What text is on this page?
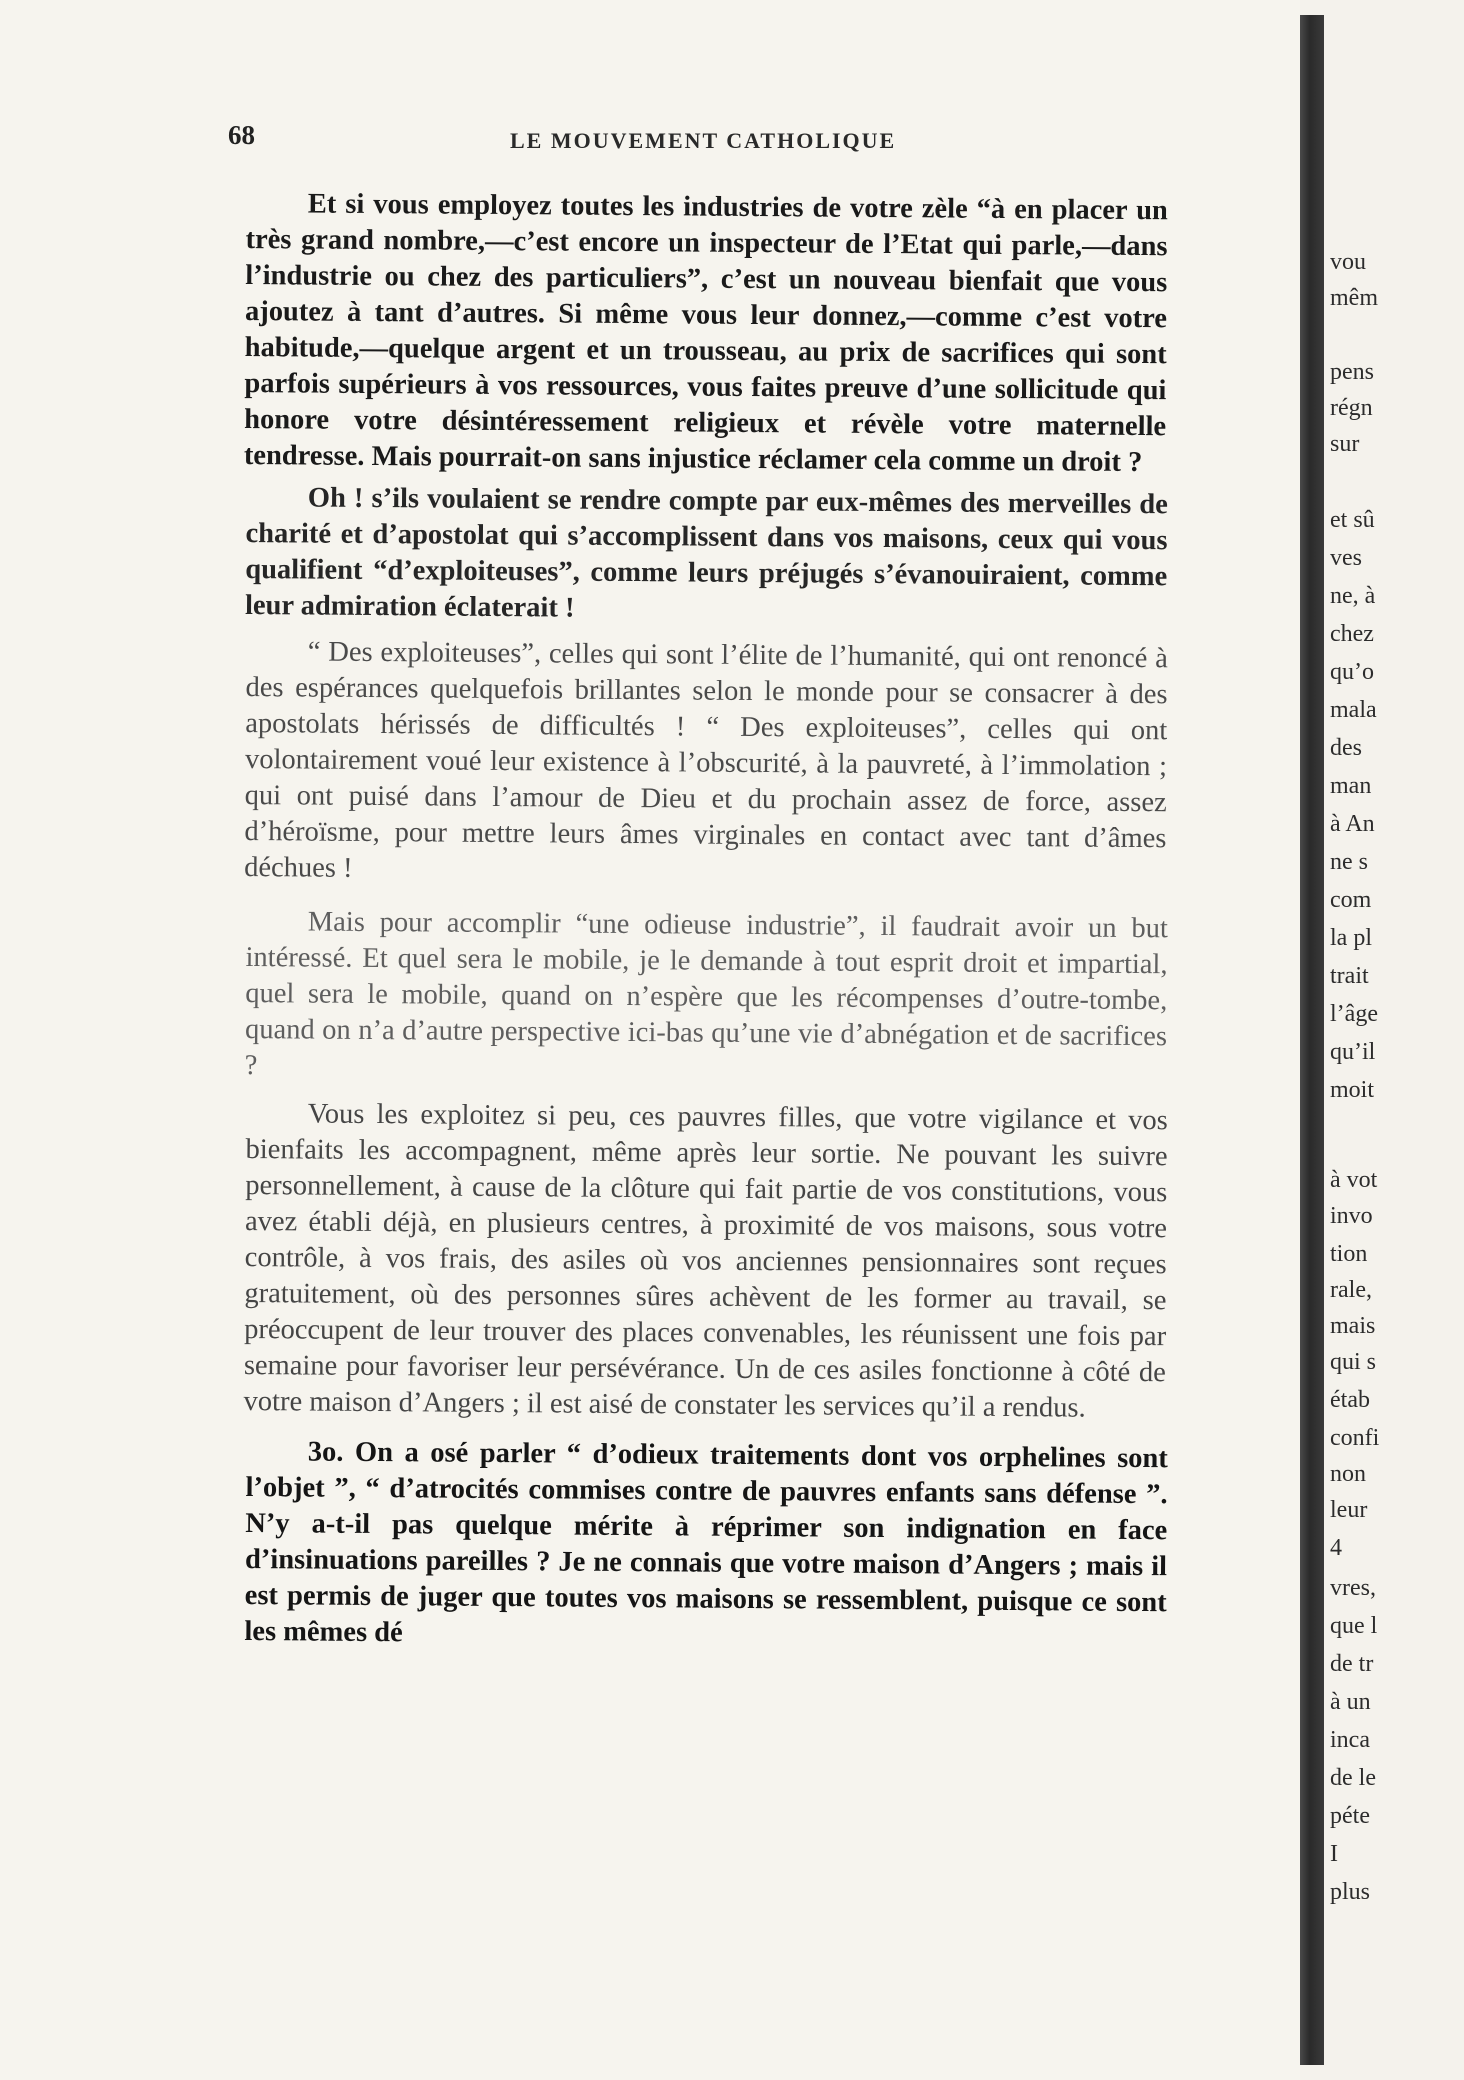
68	LE MOUVEMENT CATHOLIQUE

Et si vous employez toutes les industries de votre zèle “à en placer un très grand nombre,—c’est encore un inspecteur de l’Etat qui parle,—dans l’industrie ou chez des particuliers”, c’est un nouveau bienfait que vous ajoutez à tant d’autres. Si même vous leur donnez,—comme c’est votre habitude,—quelque argent et un trousseau, au prix de sacrifices qui sont parfois supérieurs à vos ressources, vous faites preuve d’une sollicitude qui honore votre désintéressement religieux et révèle votre maternelle tendresse. Mais pourrait-on sans injustice réclamer cela comme un droit ?

Oh ! s’ils voulaient se rendre compte par eux-mêmes des merveilles de charité et d’apostolat qui s’accomplissent dans vos maisons, ceux qui vous qualifient “d’exploiteuses”, comme leurs préjugés s’évanouiraient, comme leur admiration éclaterait !

“ Des exploiteuses”, celles qui sont l’élite de l’humanité, qui ont renoncé à des espérances quelquefois brillantes selon le monde pour se consacrer à des apostolats hérissés de difficultés ! “ Des exploiteuses”, celles qui ont volontairement voué leur existence à l’obscurité, à la pauvreté, à l’immolation ; qui ont puisé dans l’amour de Dieu et du prochain assez de force, assez d’héroïsme, pour mettre leurs âmes virginales en contact avec tant d’âmes déchues !

Mais pour accomplir “une odieuse industrie”, il faudrait avoir un but intéressé. Et quel sera le mobile, je le demande à tout esprit droit et impartial, quel sera le mobile, quand on n’espère que les récompenses d’outre-tombe, quand on n’a d’autre perspective ici-bas qu’une vie d’abnégation et de sacrifices ?

Vous les exploitez si peu, ces pauvres filles, que votre vigilance et vos bienfaits les accompagnent, même après leur sortie. Ne pouvant les suivre personnellement, à cause de la clôture qui fait partie de vos constitutions, vous avez établi déjà, en plusieurs centres, à proximité de vos maisons, sous votre contrôle, à vos frais, des asiles où vos anciennes pensionnaires sont reçues gratuitement, où des personnes sûres achèvent de les former au travail, se préoccupent de leur trouver des places convenables, les réunissent une fois par semaine pour favoriser leur persévérance. Un de ces asiles fonctionne à côté de votre maison d’Angers ; il est aisé de constater les services qu’il a rendus.

3o. On a osé parler “ d’odieux traitements dont vos orphelines sont l’objet ”, “ d’atrocités commises contre de pauvres enfants sans défense ”. N’y a-t-il pas quelque mérite à réprimer son indignation en face d’insinuations pareilles ? Je ne connais que votre maison d’Angers ; mais il est permis de juger que toutes vos maisons se ressemblent, puisque ce sont les mêmes dé

vou
mêm
pens
régn
sur
et sû
ves
ne, à
chez
qu’o
mala
des
man
à An
ne s
com
la pl
trait
l’âge
qu’il
moit
à vot
invo
tion
rale,
mais
qui s
étab
confi
non
leur
4
vres,
que l
de tr
à un
inca
de le
péte
I
plus
